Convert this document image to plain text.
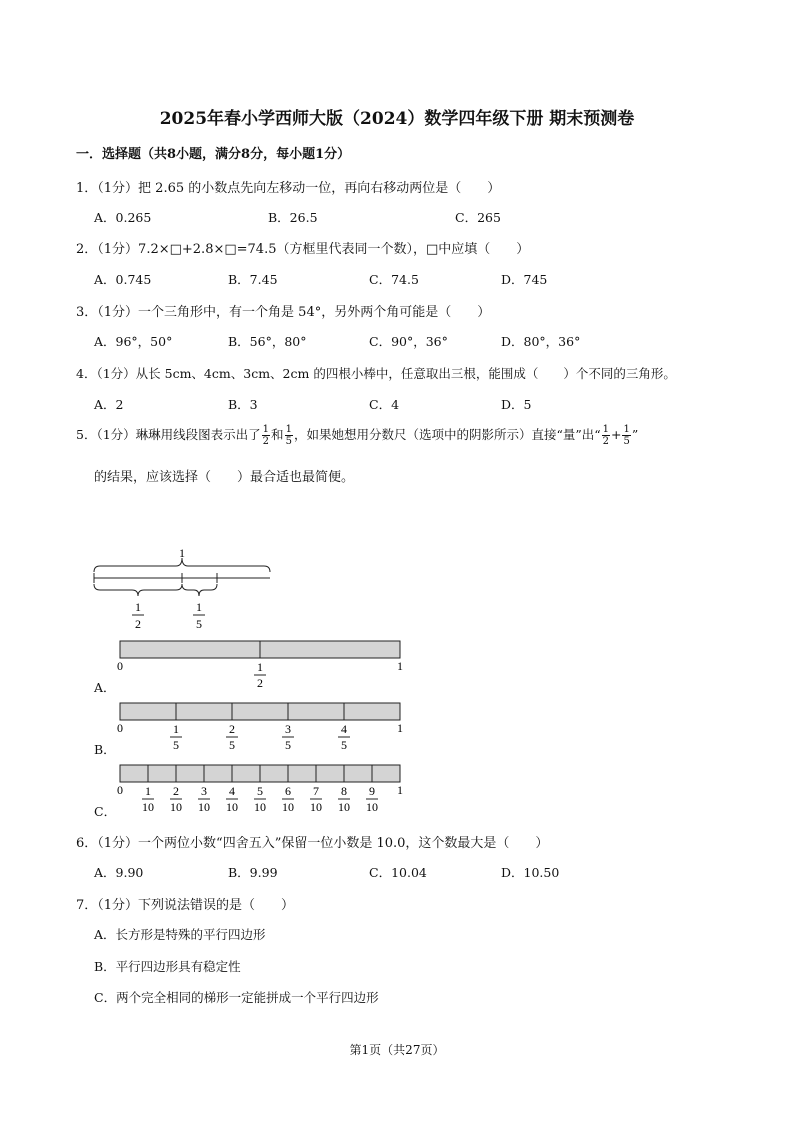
2025年春小学西师大版（2024）数学四年级下册 期末预测卷
一．选择题（共8小题，满分8分，每小题1分）
1．（1分）把 2.65 的小数点先向左移动一位，再向右移动两位是（　　）
A．0.265	B．26.5	C．265
2．（1分）7.2×□+2.8×□=74.5（方框里代表同一个数），□中应填（　　）
A．0.745	B．7.45	C．74.5	D．745
3．（1分）一个三角形中，有一个角是 54°，另外两个角可能是（　　）
A．96°，50°	B．56°，80°	C．90°，36°	D．80°，36°
4．（1分）从长 5cm、4cm、3cm、2cm 的四根小棒中，任意取出三根，能围成（　　）个不同的三角形。
A．2	B．3	C．4	D．5
5．（1分）琳琳用线段图表示出了 $\frac{1}{2}$ 和 $\frac{1}{5}$ ，如果她想用分数尺（选项中的阴影所示）直接“量”出“ $\frac{1}{2} + \frac{1}{5}$ ”
的结果，应该选择（　　）最合适也最简便。
1
1
2
1
5
A．
0	1
1
2
B．
0	1
1
5
2
5
3
5
4
5
C．
0	1
1
10
2
10
3
10
4
10
5
10
6
10
7
10
8
10
9
10
6．（1分）一个两位小数“四舍五入”保留一位小数是 10.0，这个数最大是（　　）
A．9.90	B．9.99	C．10.04	D．10.50
7．（1分）下列说法错误的是（　　）
A．长方形是特殊的平行四边形
B．平行四边形具有稳定性
C．两个完全相同的梯形一定能拼成一个平行四边形
第1页（共27页）
